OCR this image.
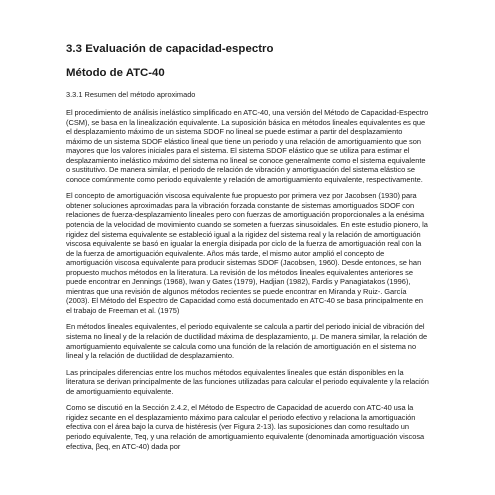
3.3 Evaluación de capacidad-espectro
Método de ATC-40
3.3.1 Resumen del método aproximado

El procedimiento de análisis inelástico simplificado en ATC-40, una versión del Método de Capacidad-Espectro (CSM), se basa en la linealización equivalente. La suposición básica en métodos lineales equivalentes es que el desplazamiento máximo de un sistema SDOF no lineal se puede estimar a partir del desplazamiento máximo de un sistema SDOF elástico lineal que tiene un periodo y una relación de amortiguamiento que son mayores que los valores iniciales para el sistema. El sistema SDOF elástico que se utiliza para estimar el desplazamiento inelástico máximo del sistema no lineal se conoce generalmente como el sistema equivalente o sustitutivo. De manera similar, el periodo de relación de vibración y amortiguación del sistema elástico se conoce comúnmente como periodo equivalente y relación de amortiguamiento equivalente, respectivamente.

El concepto de amortiguación viscosa equivalente fue propuesto por primera vez por Jacobsen (1930) para obtener soluciones aproximadas para la vibración forzada constante de sistemas amortiguados SDOF con relaciones de fuerza-desplazamiento lineales pero con fuerzas de amortiguación proporcionales a la enésima potencia de la velocidad de movimiento cuando se someten a fuerzas sinusoidales. En este estudio pionero, la rigidez del sistema equivalente se estableció igual a la rigidez del sistema real y la relación de amortiguación viscosa equivalente se basó en igualar la energía disipada por ciclo de la fuerza de amortiguación real con la de la fuerza de amortiguación equivalente. Años más tarde, el mismo autor amplió el concepto de amortiguación viscosa equivalente para producir sistemas SDOF (Jacobsen, 1960). Desde entonces, se han propuesto muchos métodos en la literatura. La revisión de los métodos lineales equivalentes anteriores se puede encontrar en Jennings (1968), Iwan y Gates (1979), Hadjian (1982), Fardis y Panagiatakos (1996), mientras que una revisión de algunos métodos recientes se puede encontrar en Miranda y Ruiz-. García (2003). El Método del Espectro de Capacidad como está documentado en ATC-40 se basa principalmente en el trabajo de Freeman et al. (1975)

En métodos lineales equivalentes, el periodo equivalente se calcula a partir del periodo inicial de vibración del sistema no lineal y de la relación de ductilidad máxima de desplazamiento, μ. De manera similar, la relación de amortiguamiento equivalente se calcula como una función de la relación de amortiguación en el sistema no lineal y la relación de ductilidad de desplazamiento.

Las principales diferencias entre los muchos métodos equivalentes lineales que están disponibles en la literatura se derivan principalmente de las funciones utilizadas para calcular el periodo equivalente y la relación de amortiguamiento equivalente.

Como se discutió en la Sección 2.4.2, el Método de Espectro de Capacidad de acuerdo con ATC-40 usa la rigidez secante en el desplazamiento máximo para calcular el periodo efectivo y relaciona la amortiguación efectiva con el área bajo la curva de histéresis (ver Figura 2-13). las suposiciones dan como resultado un periodo equivalente, Teq, y una relación de amortiguamiento equivalente (denominada amortiguación viscosa efectiva, βeq, en ATC-40) dada por
